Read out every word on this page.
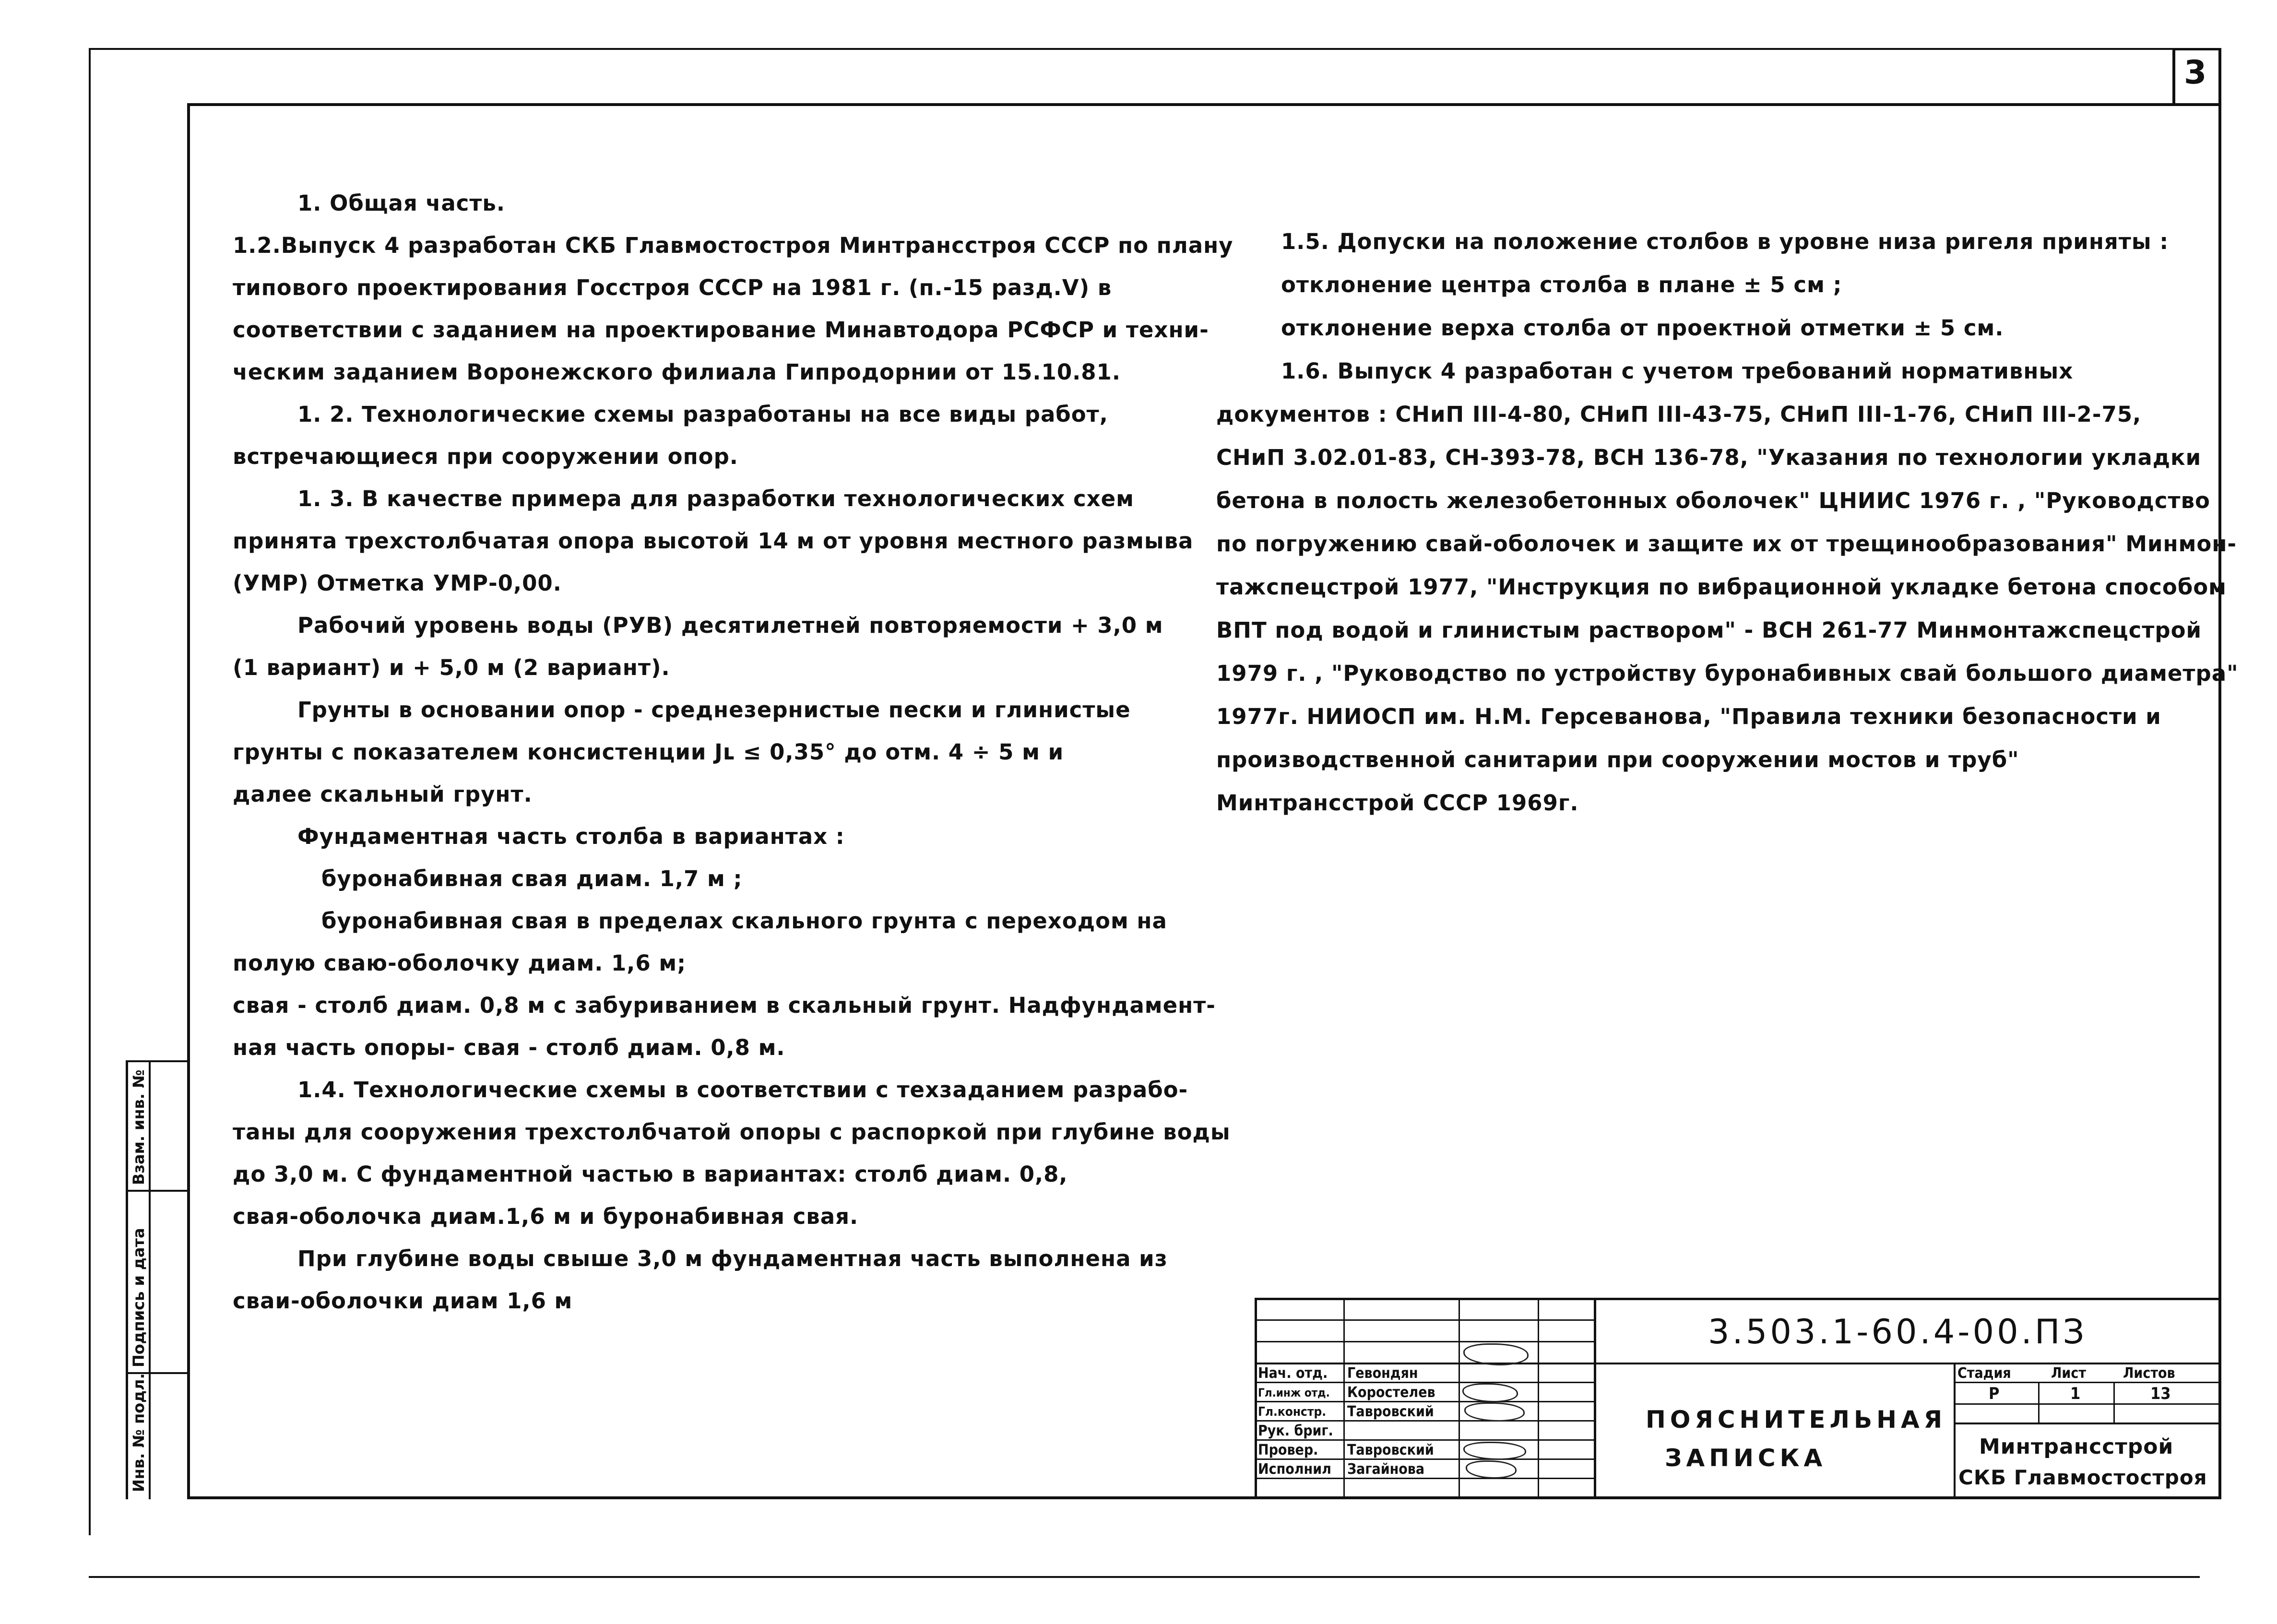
3
Взам. инв. №
Подпись и дата
Инв. № подл.
1. Общая часть.
1.2.Выпуск 4 разработан СКБ Главмостостроя Минтрансстроя СССР по плану
типового проектирования Госстроя СССР на 1981 г. (п.-15 разд.V) в
соответствии с заданием на проектирование Минавтодора РСФСР и техни-
ческим заданием Воронежского филиала Гипродорнии от 15.10.81.
1. 2. Технологические схемы разработаны на все виды работ,
встречающиеся при сооружении опор.
1. 3. В качестве примера для разработки технологических схем
принята трехстолбчатая опора высотой 14 м от уровня местного размыва
(УМР) Отметка УМР-0,00.
Рабочий уровень воды (РУВ) десятилетней повторяемости + 3,0 м
(1 вариант) и + 5,0 м (2 вариант).
Грунты в основании опор - среднезернистые пески и глинистые
грунты с показателем консистенции Jʟ ≤ 0,35° до отм. 4 ÷ 5 м и
далее скальный грунт.
Фундаментная часть столба в вариантах :
буронабивная свая диам. 1,7 м ;
буронабивная свая в пределах скального грунта с переходом на
полую сваю-оболочку диам. 1,6 м;
свая - столб диам. 0,8 м с забуриванием в скальный грунт. Надфундамент-
ная часть опоры- свая - столб диам. 0,8 м.
1.4. Технологические схемы в соответствии с техзаданием разрабо-
таны для сооружения трехстолбчатой опоры с распоркой при глубине воды
до 3,0 м. С фундаментной частью в вариантах: столб диам. 0,8,
свая-оболочка диам.1,6 м и буронабивная свая.
При глубине воды свыше 3,0 м фундаментная часть выполнена из
сваи-оболочки диам 1,6 м
1.5. Допуски на положение столбов в уровне низа ригеля приняты :
отклонение центра столба в плане ± 5 см ;
отклонение верха столба от проектной отметки ± 5 см.
1.6. Выпуск 4 разработан с учетом требований нормативных
документов : СНиП III-4-80, СНиП III-43-75, СНиП III-1-76, СНиП III-2-75,
СНиП 3.02.01-83, СН-393-78, ВСН 136-78, "Указания по технологии укладки
бетона в полость железобетонных оболочек" ЦНИИС 1976 г. , "Руководство
по погружению свай-оболочек и защите их от трещинообразования" Минмон-
тажспецстрой 1977, "Инструкция по вибрационной укладке бетона способом
ВПТ под водой и глинистым раствором" - ВСН 261-77 Минмонтажспецстрой
1979 г. , "Руководство по устройству буронабивных свай большого диаметра"
1977г. НИИОСП им. Н.М. Герсеванова, "Правила техники безопасности и
производственной санитарии при сооружении мостов и труб"
Минтрансстрой СССР 1969г.
3.503.1-60.4-00.ПЗ
ПОЯСНИТЕЛЬНАЯ
ЗАПИСКА
Стадия	Лист	Листов
Р	1	13
Минтрансстрой
СКБ Главмостостроя
Нач. отд. Гевондян
Гл.инж отд. Коростелев
Гл.констр. Тавровский
Рук. бриг.
Провер. Тавровский
Исполнил Загайнова
